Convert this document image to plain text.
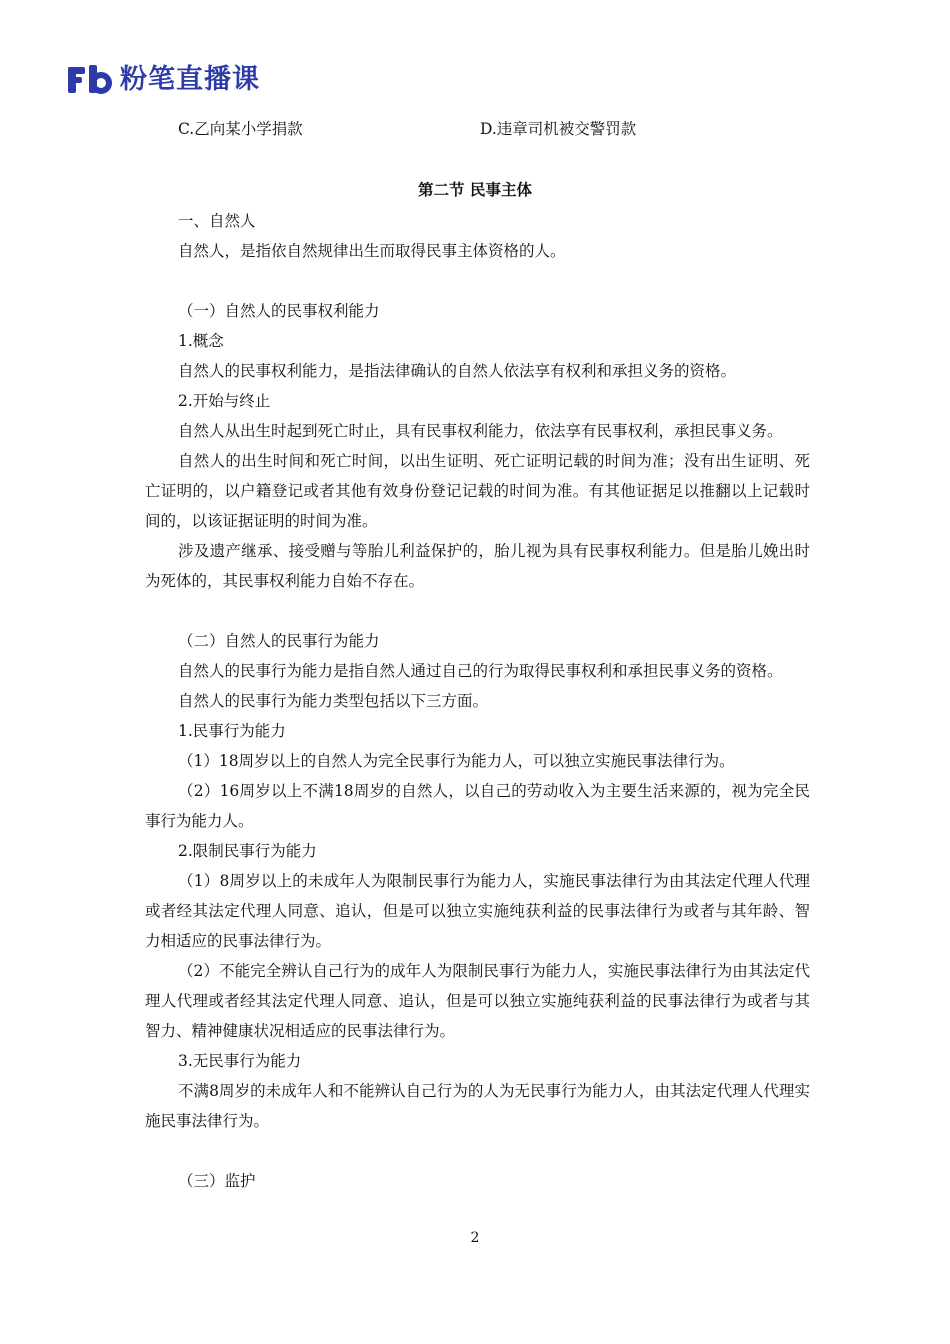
粉笔直播课
C.乙向某小学捐款	D.违章司机被交警罚款
第二节 民事主体

一、自然人

自然人，是指依自然规律出生而取得民事主体资格的人。

（一）自然人的民事权利能力

1.概念

自然人的民事权利能力，是指法律确认的自然人依法享有权利和承担义务的资格。

2.开始与终止

自然人从出生时起到死亡时止，具有民事权利能力，依法享有民事权利，承担民事义务。

自然人的出生时间和死亡时间，以出生证明、死亡证明记载的时间为准；没有出生证明、死亡证明的，以户籍登记或者其他有效身份登记记载的时间为准。有其他证据足以推翻以上记载时间的，以该证据证明的时间为准。

涉及遗产继承、接受赠与等胎儿利益保护的，胎儿视为具有民事权利能力。但是胎儿娩出时为死体的，其民事权利能力自始不存在。

（二）自然人的民事行为能力

自然人的民事行为能力是指自然人通过自己的行为取得民事权利和承担民事义务的资格。

自然人的民事行为能力类型包括以下三方面。

1.民事行为能力

（1）18周岁以上的自然人为完全民事行为能力人，可以独立实施民事法律行为。

（2）16周岁以上不满18周岁的自然人，以自己的劳动收入为主要生活来源的，视为完全民事行为能力人。

2.限制民事行为能力

（1）8周岁以上的未成年人为限制民事行为能力人，实施民事法律行为由其法定代理人代理或者经其法定代理人同意、追认，但是可以独立实施纯获利益的民事法律行为或者与其年龄、智力相适应的民事法律行为。

（2）不能完全辨认自己行为的成年人为限制民事行为能力人，实施民事法律行为由其法定代理人代理或者经其法定代理人同意、追认，但是可以独立实施纯获利益的民事法律行为或者与其智力、精神健康状况相适应的民事法律行为。

3.无民事行为能力

不满8周岁的未成年人和不能辨认自己行为的人为无民事行为能力人，由其法定代理人代理实施民事法律行为。

（三）监护

2
